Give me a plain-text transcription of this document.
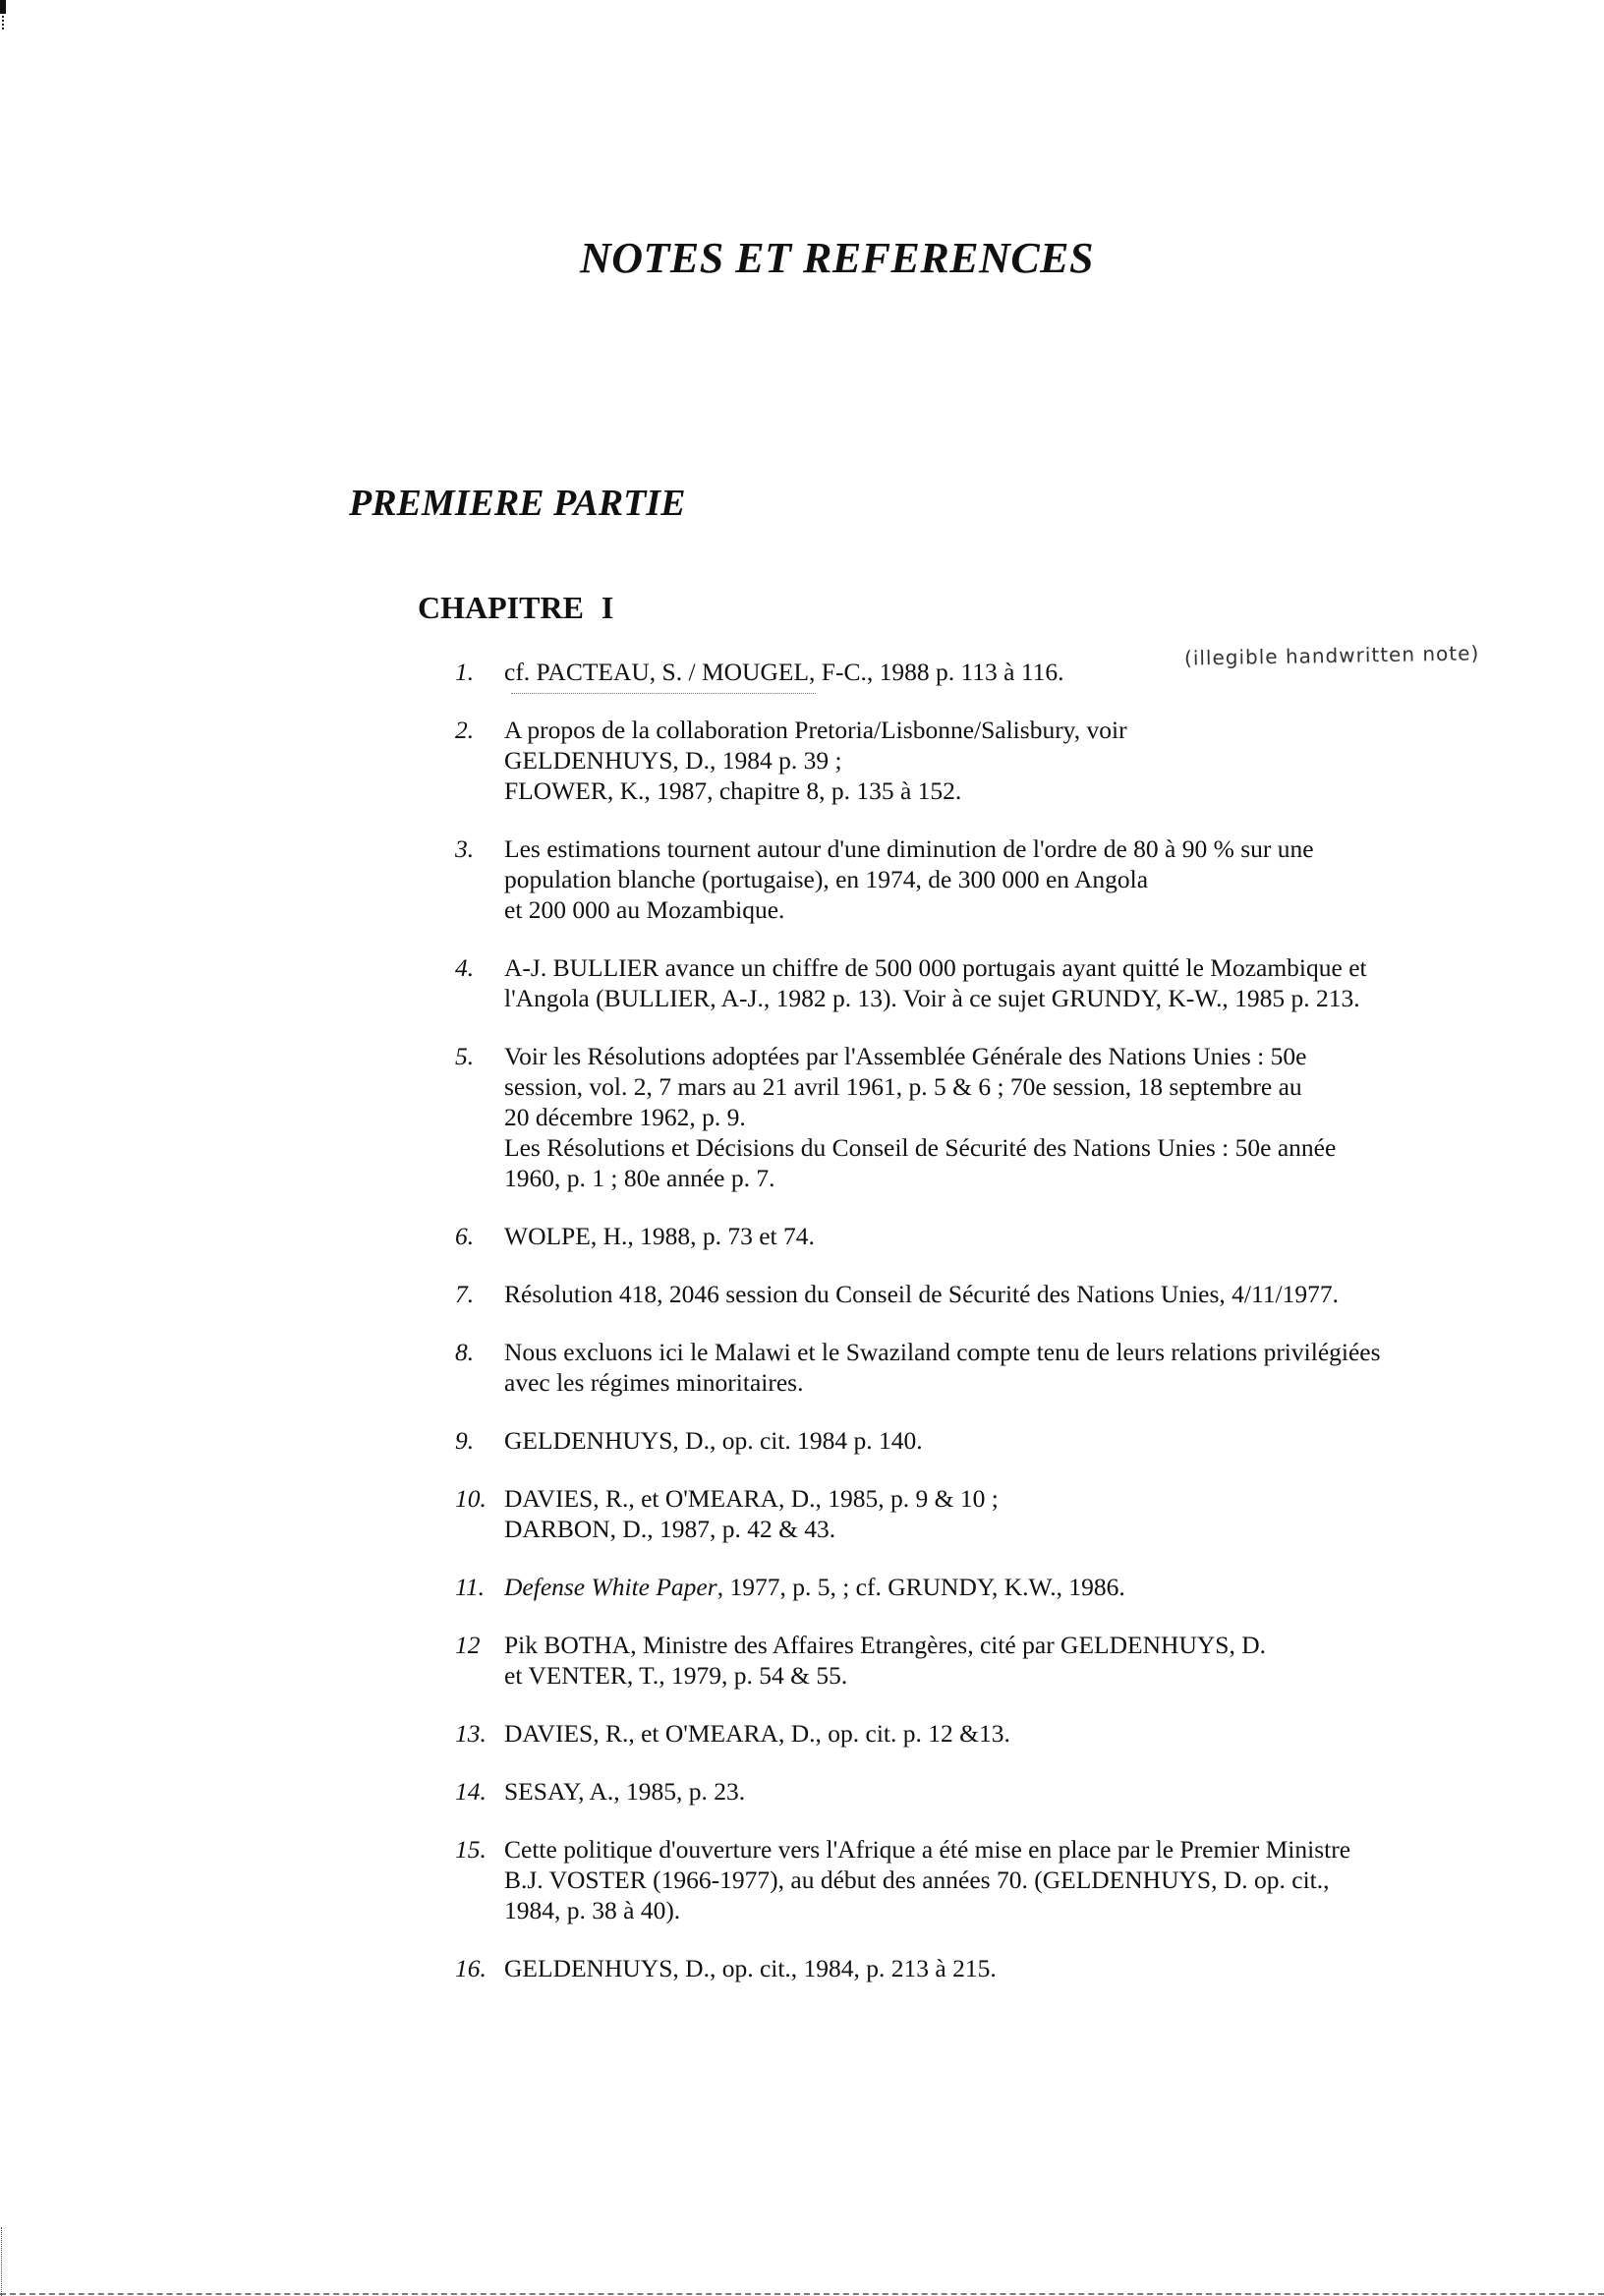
NOTES ET REFERENCES
PREMIERE PARTIE
CHAPITRE I
(illegible handwritten note)
1.	cf. PACTEAU, S. / MOUGEL, F-C., 1988 p. 113 à 116.
2.	A propos de la collaboration Pretoria/Lisbonne/Salisbury, voir
GELDENHUYS, D., 1984 p. 39 ;
FLOWER, K., 1987, chapitre 8, p. 135 à 152.
3.	Les estimations tournent autour d'une diminution de l'ordre de 80 à 90 % sur une
population blanche (portugaise), en 1974, de 300 000 en Angola
et 200 000 au Mozambique.
4.	A-J. BULLIER avance un chiffre de 500 000 portugais ayant quitté le Mozambique et
l'Angola (BULLIER, A-J., 1982 p. 13). Voir à ce sujet GRUNDY, K-W., 1985 p. 213.
5.	Voir les Résolutions adoptées par l'Assemblée Générale des Nations Unies : 50e
session, vol. 2, 7 mars au 21 avril 1961, p. 5 & 6 ; 70e session, 18 septembre au
20 décembre 1962, p. 9.
Les Résolutions et Décisions du Conseil de Sécurité des Nations Unies : 50e année
1960, p. 1 ; 80e année p. 7.
6.	WOLPE, H., 1988, p. 73 et 74.
7.	Résolution 418, 2046 session du Conseil de Sécurité des Nations Unies, 4/11/1977.
8.	Nous excluons ici le Malawi et le Swaziland compte tenu de leurs relations privilégiées
avec les régimes minoritaires.
9.	GELDENHUYS, D., op. cit. 1984 p. 140.
10. DAVIES, R., et O'MEARA, D., 1985, p. 9 & 10 ;
DARBON, D., 1987, p. 42 & 43.
11. Defense White Paper, 1977, p. 5, ; cf. GRUNDY, K.W., 1986.
12 Pik BOTHA, Ministre des Affaires Etrangères, cité par GELDENHUYS, D.
et VENTER, T., 1979, p. 54 & 55.
13. DAVIES, R., et O'MEARA, D., op. cit. p. 12 &13.
14. SESAY, A., 1985, p. 23.
15. Cette politique d'ouverture vers l'Afrique a été mise en place par le Premier Ministre
B.J. VOSTER (1966-1977), au début des années 70. (GELDENHUYS, D. op. cit.,
1984, p. 38 à 40).
16. GELDENHUYS, D., op. cit., 1984, p. 213 à 215.
